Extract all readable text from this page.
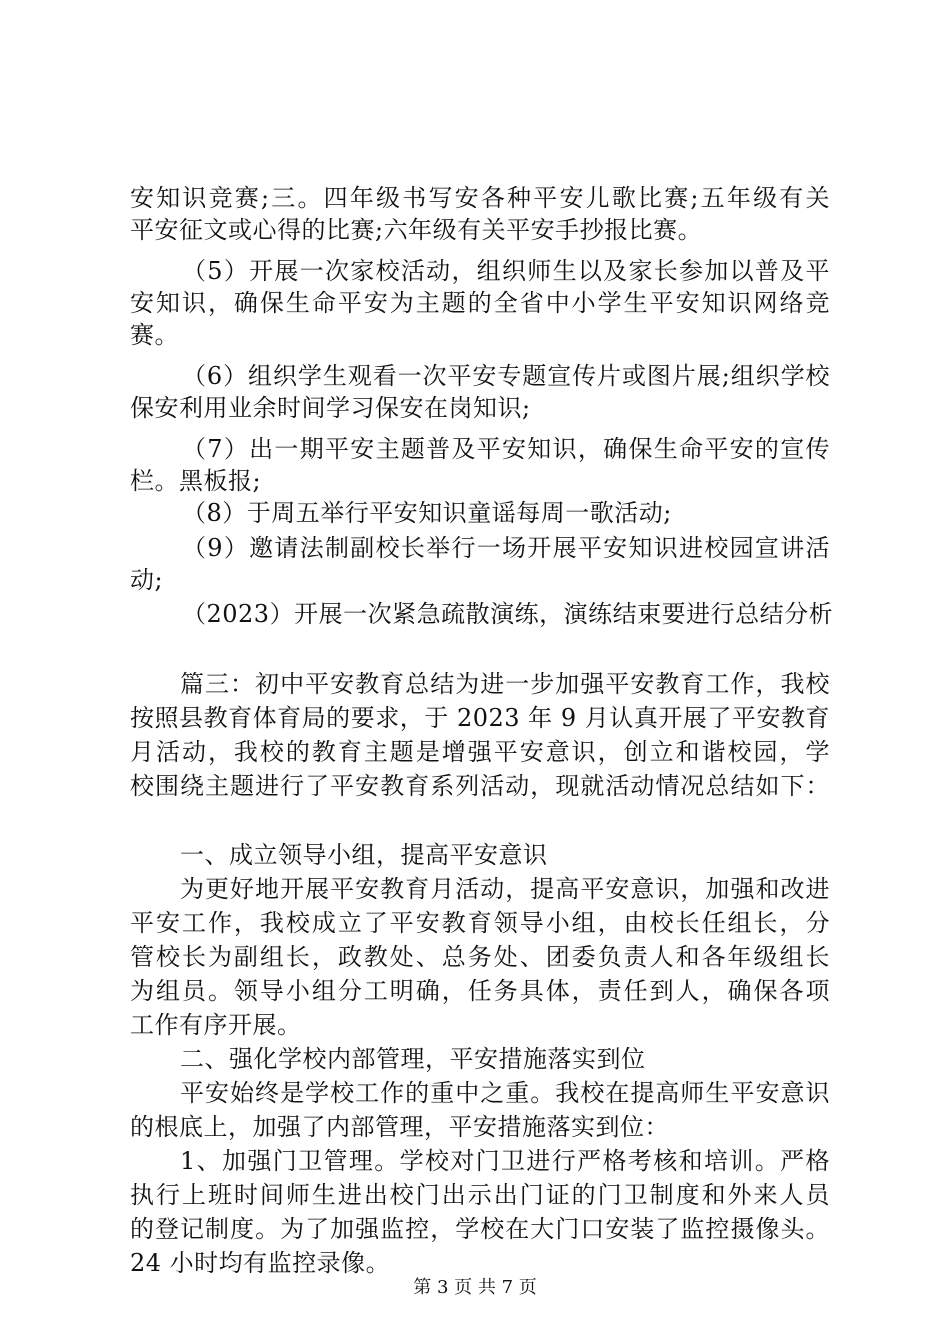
安知识竞赛;三。四年级书写安各种平安儿歌比赛;五年级有关
平安征文或心得的比赛;六年级有关平安手抄报比赛。
（5）开展一次家校活动，组织师生以及家长参加以普及平
安知识，确保生命平安为主题的全省中小学生平安知识网络竞
赛。
（6）组织学生观看一次平安专题宣传片或图片展;组织学校
保安利用业余时间学习保安在岗知识;
（7）出一期平安主题普及平安知识，确保生命平安的宣传
栏。黑板报;
（8）于周五举行平安知识童谣每周一歌活动;
（9）邀请法制副校长举行一场开展平安知识进校园宣讲活
动;
（2023）开展一次紧急疏散演练，演练结束要进行总结分析
篇三：初中平安教育总结为进一步加强平安教育工作，我校
按照县教育体育局的要求，于 2023 年 9 月认真开展了平安教育
月活动，我校的教育主题是增强平安意识，创立和谐校园，学
校围绕主题进行了平安教育系列活动，现就活动情况总结如下：
一、成立领导小组，提高平安意识
为更好地开展平安教育月活动，提高平安意识，加强和改进
平安工作，我校成立了平安教育领导小组，由校长任组长，分
管校长为副组长，政教处、总务处、团委负责人和各年级组长
为组员。领导小组分工明确，任务具体，责任到人，确保各项
工作有序开展。
二、强化学校内部管理，平安措施落实到位
平安始终是学校工作的重中之重。我校在提高师生平安意识
的根底上，加强了内部管理，平安措施落实到位：
1、加强门卫管理。学校对门卫进行严格考核和培训。严格
执行上班时间师生进出校门出示出门证的门卫制度和外来人员
的登记制度。为了加强监控，学校在大门口安装了监控摄像头。
24 小时均有监控录像。
第 3 页 共 7 页
